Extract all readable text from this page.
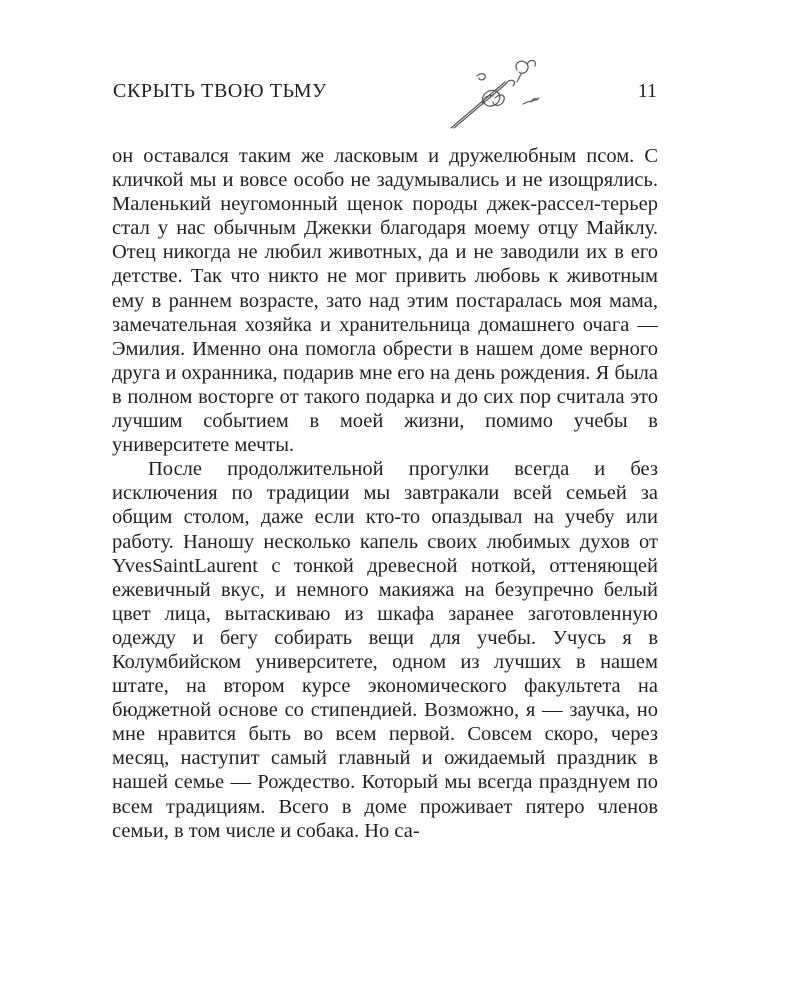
СКРЫТЬ ТВОЮ ТЬМУ	11

он оставался таким же ласковым и дружелюбным псом. С кличкой мы и вовсе особо не задумывались и не изощрялись. Маленький неугомонный щенок породы джек-рассел-терьер стал у нас обычным Джекки благодаря моему отцу Майклу. Отец никогда не любил животных, да и не заводили их в его детстве. Так что никто не мог привить любовь к животным ему в раннем возрасте, зато над этим постаралась моя мама, замечательная хозяйка и хранительница домашнего очага — Эмилия. Именно она помогла обрести в нашем доме верного друга и охранника, подарив мне его на день рождения. Я была в полном восторге от такого подарка и до сих пор считала это лучшим событием в моей жизни, помимо учебы в университете мечты.

После продолжительной прогулки всегда и без исключения по традиции мы завтракали всей семьей за общим столом, даже если кто-то опаздывал на учебу или работу. Наношу несколько капель своих любимых духов от YvesSaintLaurent с тонкой древесной ноткой, оттеняющей ежевичный вкус, и немного макияжа на безупречно белый цвет лица, вытаскиваю из шкафа заранее заготовленную одежду и бегу собирать вещи для учебы. Учусь я в Колумбийском университете, одном из лучших в нашем штате, на втором курсе экономического факультета на бюджетной основе со стипендией. Возможно, я — заучка, но мне нравится быть во всем первой. Совсем скоро, через месяц, наступит самый главный и ожидаемый праздник в нашей семье — Рождество. Который мы всегда празднуем по всем традициям. Всего в доме проживает пятеро членов семьи, в том числе и собака. Но са-
